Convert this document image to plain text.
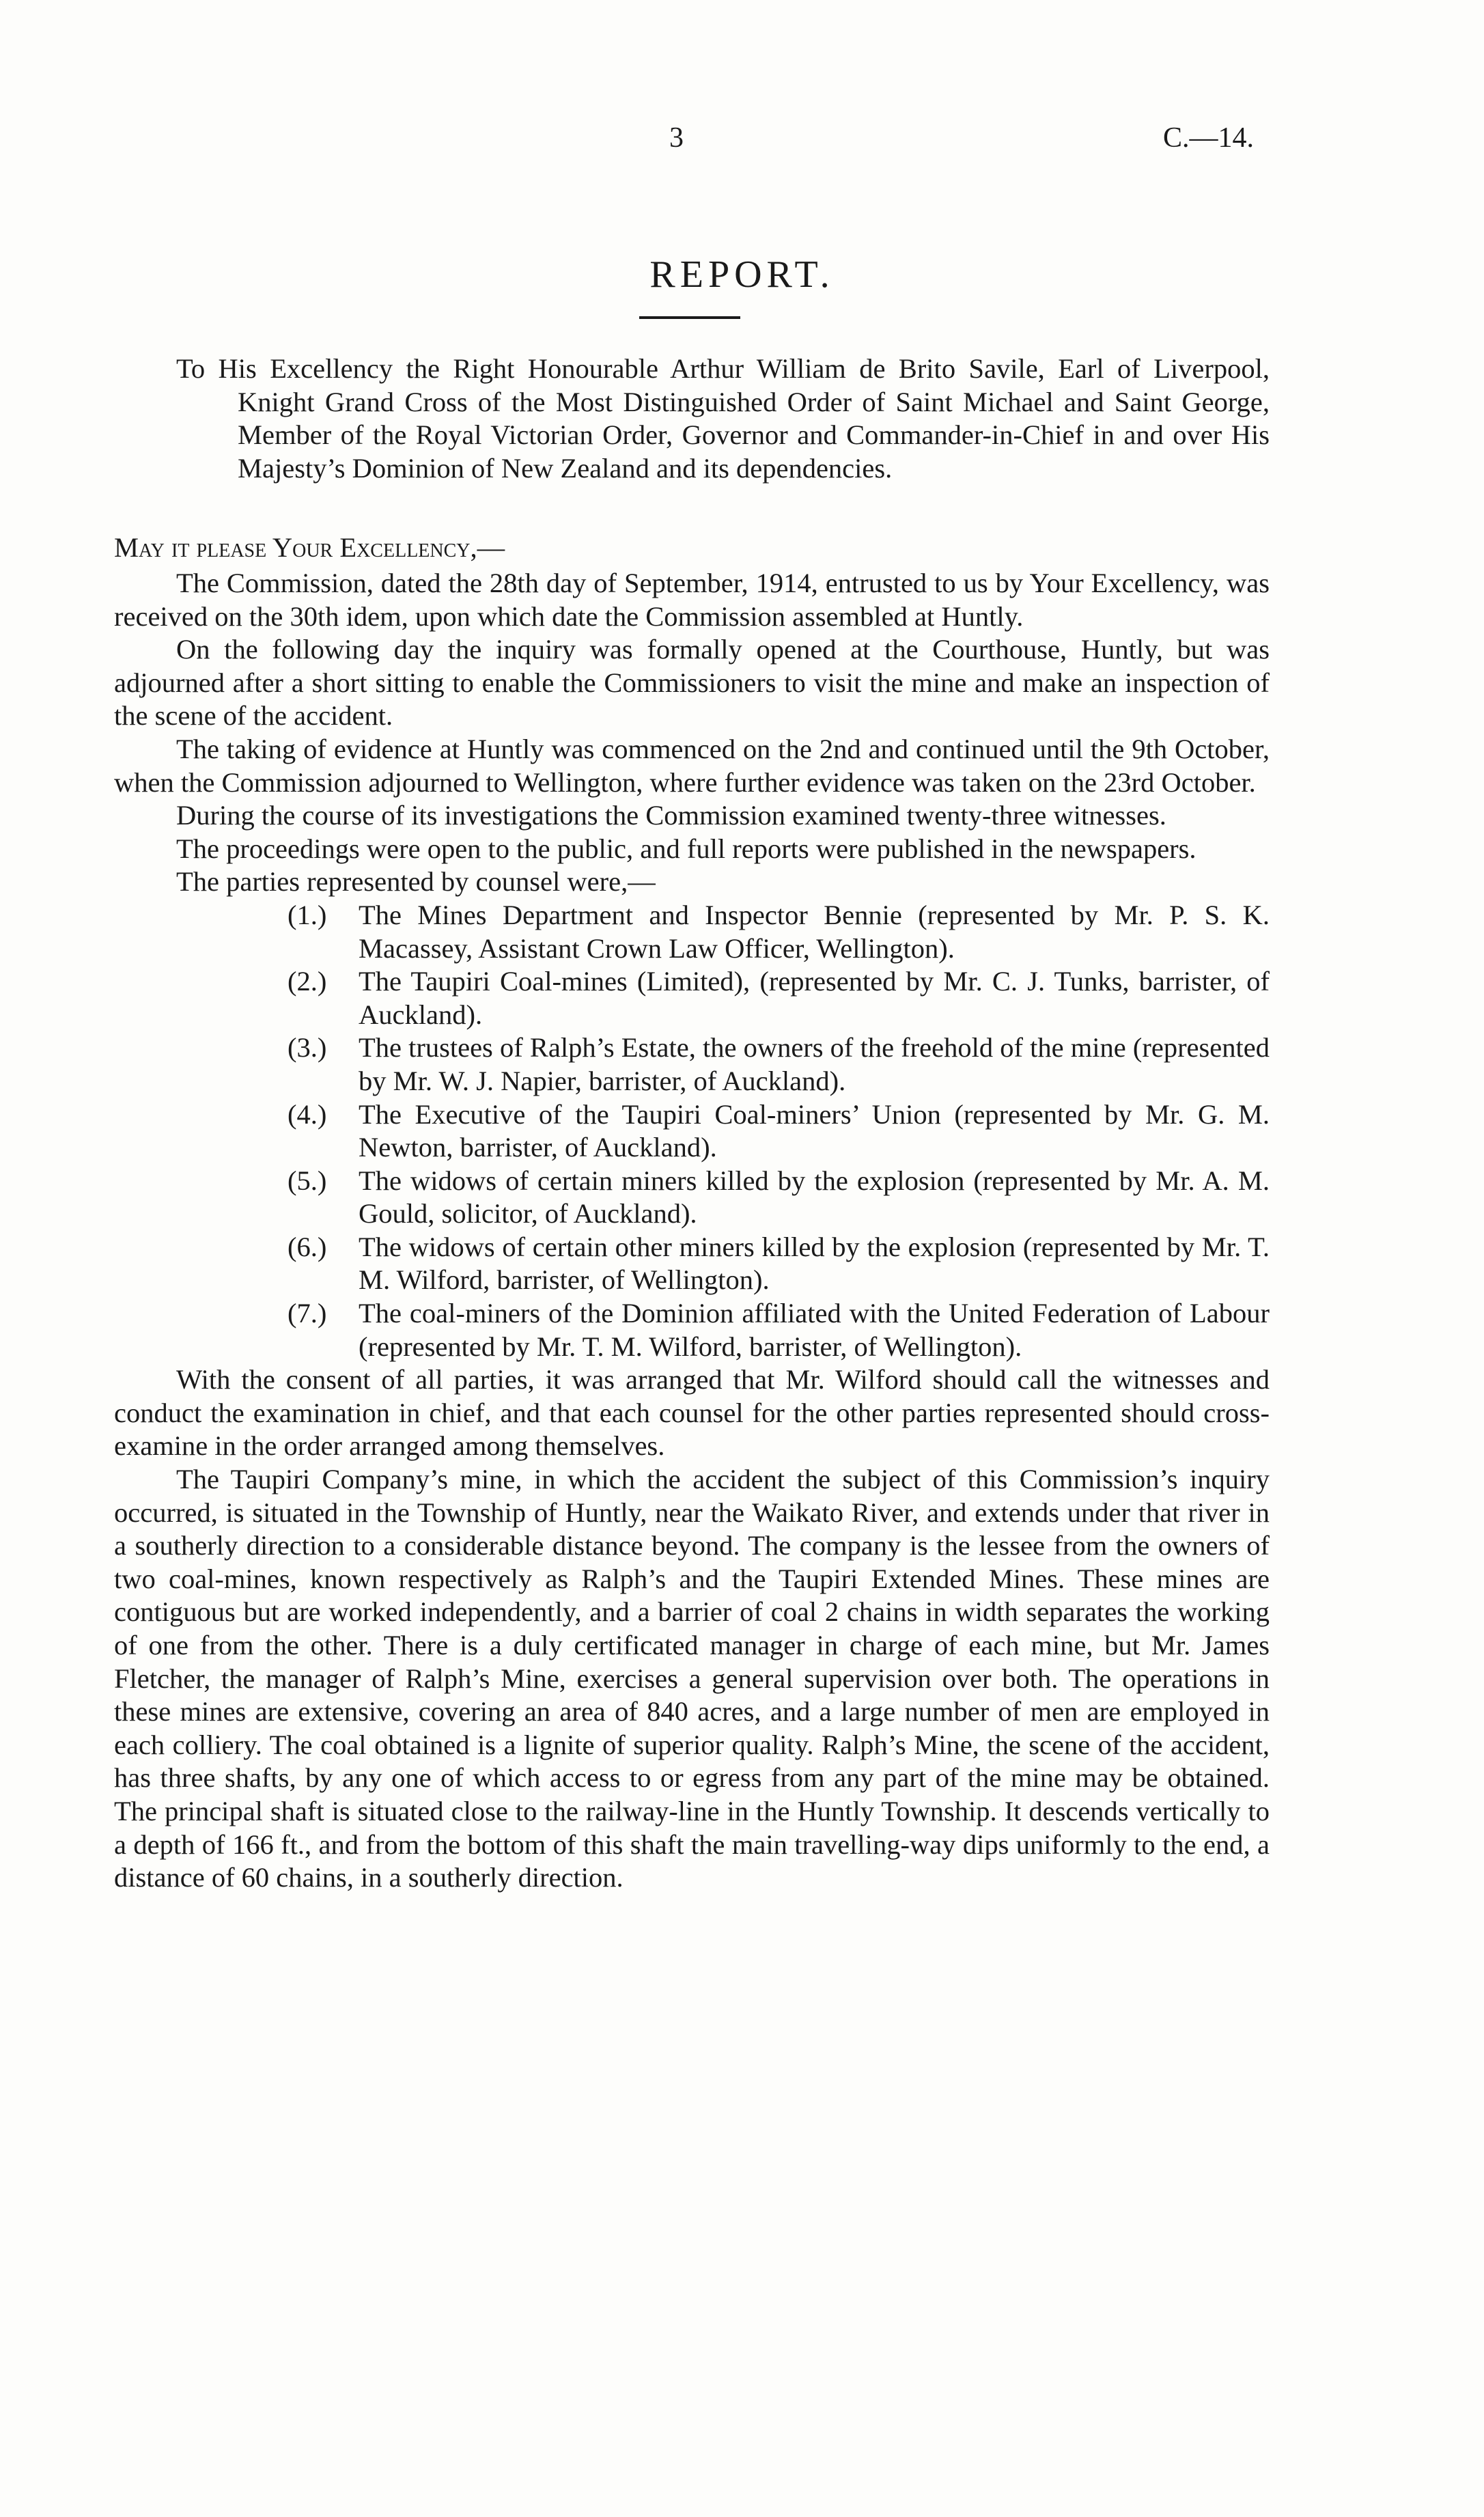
3	C.—14.
REPORT.

To His Excellency the Right Honourable Arthur William de Brito Savile, Earl of Liverpool, Knight Grand Cross of the Most Distinguished Order of Saint Michael and Saint George, Member of the Royal Victorian Order, Governor and Commander-in-Chief in and over His Majesty’s Dominion of New Zealand and its dependencies.

May it please Your Excellency,—

The Commission, dated the 28th day of September, 1914, entrusted to us by Your Excellency, was received on the 30th idem, upon which date the Commission assembled at Huntly.

On the following day the inquiry was formally opened at the Courthouse, Huntly, but was adjourned after a short sitting to enable the Commissioners to visit the mine and make an inspection of the scene of the accident.

The taking of evidence at Huntly was commenced on the 2nd and continued until the 9th October, when the Commission adjourned to Wellington, where further evidence was taken on the 23rd October.

During the course of its investigations the Commission examined twenty-three witnesses.

The proceedings were open to the public, and full reports were published in the newspapers.

The parties represented by counsel were,—

(1.) The Mines Department and Inspector Bennie (represented by Mr. P. S. K. Macassey, Assistant Crown Law Officer, Wellington).
(2.) The Taupiri Coal-mines (Limited), (represented by Mr. C. J. Tunks, barrister, of Auckland).
(3.) The trustees of Ralph’s Estate, the owners of the freehold of the mine (represented by Mr. W. J. Napier, barrister, of Auckland).
(4.) The Executive of the Taupiri Coal-miners’ Union (represented by Mr. G. M. Newton, barrister, of Auckland).
(5.) The widows of certain miners killed by the explosion (represented by Mr. A. M. Gould, solicitor, of Auckland).
(6.) The widows of certain other miners killed by the explosion (represented by Mr. T. M. Wilford, barrister, of Wellington).
(7.) The coal-miners of the Dominion affiliated with the United Federation of Labour (represented by Mr. T. M. Wilford, barrister, of Wellington).

With the consent of all parties, it was arranged that Mr. Wilford should call the witnesses and conduct the examination in chief, and that each counsel for the other parties represented should cross-examine in the order arranged among themselves.

The Taupiri Company’s mine, in which the accident the subject of this Commission’s inquiry occurred, is situated in the Township of Huntly, near the Waikato River, and extends under that river in a southerly direction to a considerable distance beyond. The company is the lessee from the owners of two coal-mines, known respectively as Ralph’s and the Taupiri Extended Mines. These mines are contiguous but are worked independently, and a barrier of coal 2 chains in width separates the working of one from the other. There is a duly certificated manager in charge of each mine, but Mr. James Fletcher, the manager of Ralph’s Mine, exercises a general supervision over both. The operations in these mines are extensive, covering an area of 840 acres, and a large number of men are employed in each colliery. The coal obtained is a lignite of superior quality. Ralph’s Mine, the scene of the accident, has three shafts, by any one of which access to or egress from any part of the mine may be obtained. The principal shaft is situated close to the railway-line in the Huntly Township. It descends vertically to a depth of 166 ft., and from the bottom of this shaft the main travelling-way dips uniformly to the end, a distance of 60 chains, in a southerly direction.
